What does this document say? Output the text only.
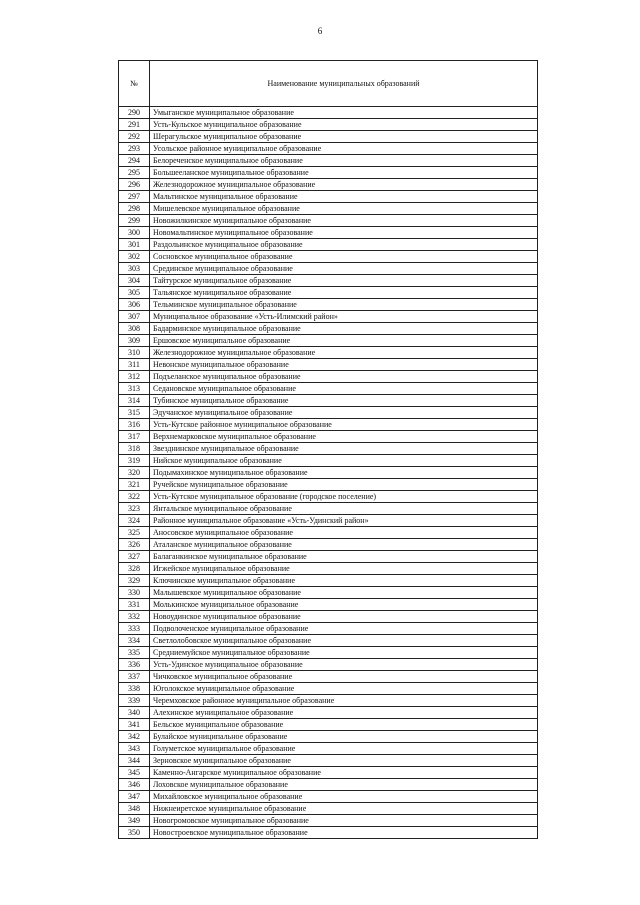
6
№	Наименование муниципальных образований
290	Умыганское муниципальное образование
291	Усть-Кульское муниципальное образование
292	Шерагульское муниципальное образование
293	Усольское районное муниципальное образование
294	Белореченское муниципальное образование
295	Большееланское муниципальное образование
296	Железнодорожное муниципальное образование
297	Мальтинское муниципальное образование
298	Мишелевское муниципальное образование
299	Новожилкинское муниципальное образование
300	Новомальтинское муниципальное образование
301	Раздольинское муниципальное образование
302	Сосновское муниципальное образование
303	Срединское муниципальное образование
304	Тайтурское муниципальное образование
305	Тальянское муниципальное образование
306	Тельминское муниципальное образование
307	Муниципальное образование «Усть-Илимский район»
308	Бадарминское муниципальное образование
309	Ершовское муниципальное образование
310	Железнодорожное муниципальное образование
311	Невонское муниципальное образование
312	Подъеланское муниципальное образование
313	Седановское муниципальное образование
314	Тубинское муниципальное образование
315	Эдучанское муниципальное образование
316	Усть-Кутское районное муниципальное образование
317	Верхнемарковское муниципальное образование
318	Звезднинское муниципальное образование
319	Нийское муниципальное образование
320	Подымахинское муниципальное образование
321	Ручейское муниципальное образование
322	Усть-Кутское муниципальное образование (городское поселение)
323	Янтальское муниципальное образование
324	Районное муниципальное образование «Усть-Удинский район»
325	Аносовское муниципальное образование
326	Аталанское муниципальное образование
327	Балаганкинское муниципальное образование
328	Игжейское муниципальное образование
329	Ключинское муниципальное образование
330	Малышевское муниципальное образование
331	Молькинское муниципальное образование
332	Новоудинское муниципальное образование
333	Подволоченское муниципальное образование
334	Светлолобовское муниципальное образование
335	Средниемуйское муниципальное образование
336	Усть-Удинское муниципальное образование
337	Чичковское муниципальное образование
338	Юголокское муниципальное образование
339	Черемховское районное муниципальное образование
340	Алехинское муниципальное образование
341	Бельское муниципальное образование
342	Булайское муниципальное образование
343	Голуметское муниципальное образование
344	Зерновское муниципальное образование
345	Каменно-Ангарское муниципальное образование
346	Лоховское муниципальное образование
347	Михайловское муниципальное образование
348	Нижнеиретское муниципальное образование
349	Новогромовское муниципальное образование
350	Новостроевское муниципальное образование
